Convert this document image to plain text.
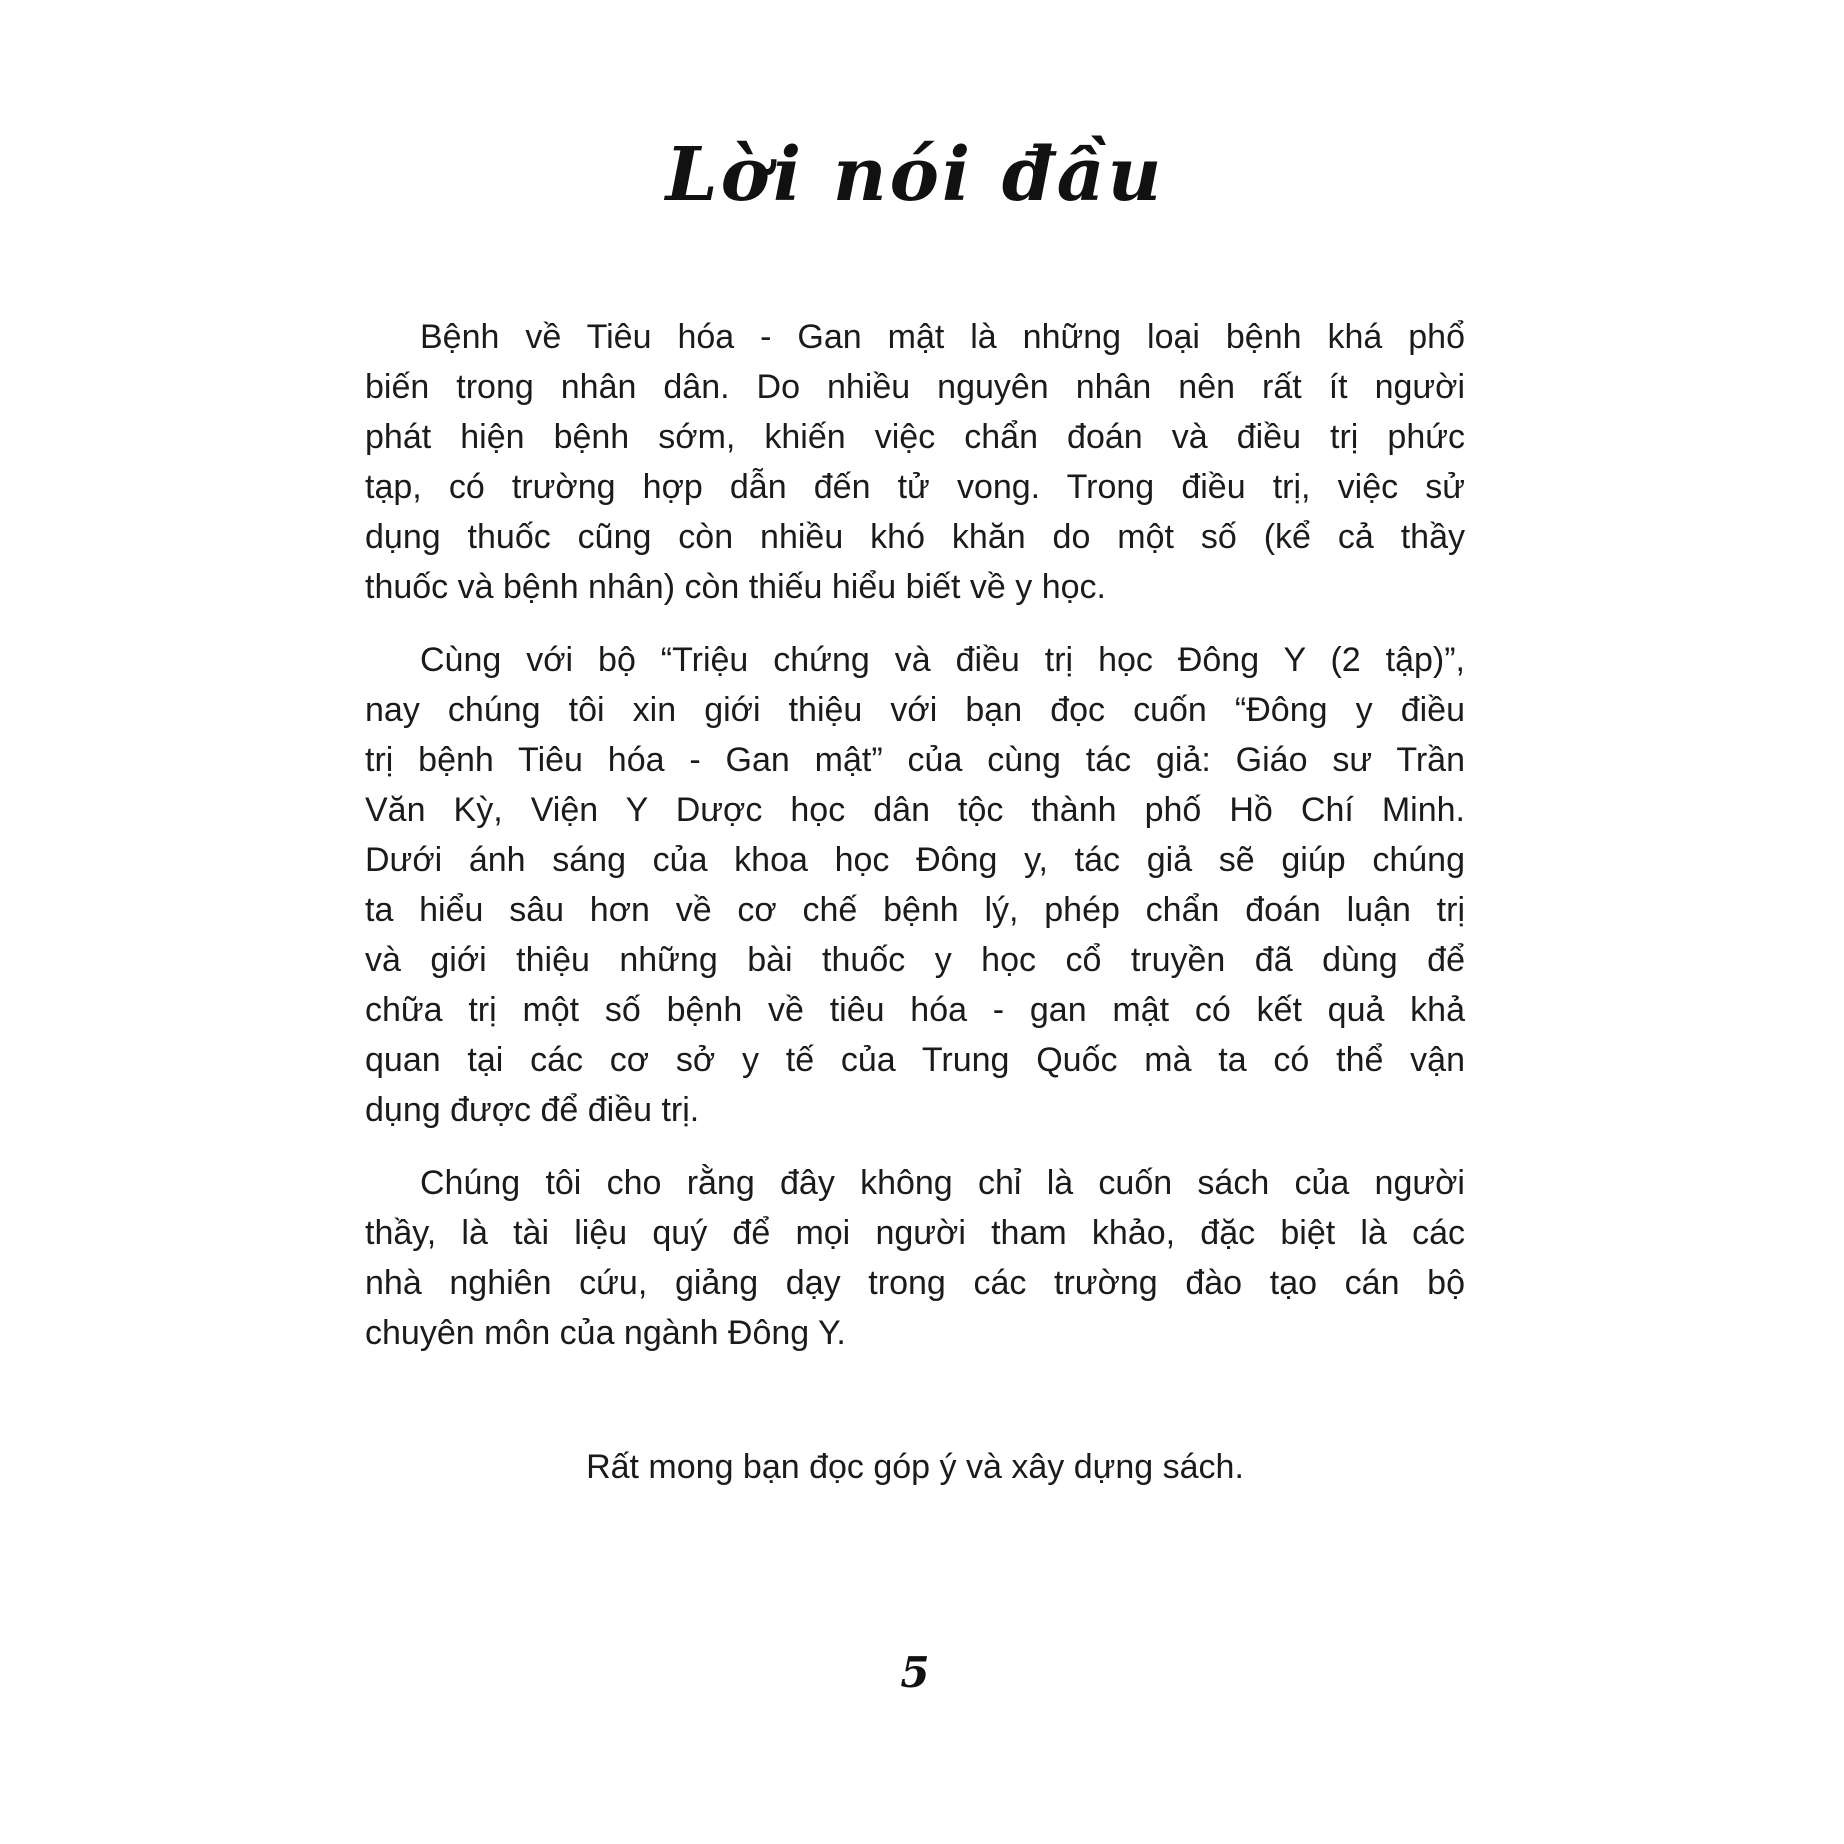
Lời nói đầu
Bệnh về Tiêu hóa - Gan mật là những loại bệnh khá phổ
biến trong nhân dân. Do nhiều nguyên nhân nên rất ít người
phát hiện bệnh sớm, khiến việc chẩn đoán và điều trị phức
tạp, có trường hợp dẫn đến tử vong. Trong điều trị, việc sử
dụng thuốc cũng còn nhiều khó khăn do một số (kể cả thầy
thuốc và bệnh nhân) còn thiếu hiểu biết về y học.
Cùng với bộ “Triệu chứng và điều trị học Đông Y (2 tập)”,
nay chúng tôi xin giới thiệu với bạn đọc cuốn “Đông y điều
trị bệnh Tiêu hóa - Gan mật” của cùng tác giả: Giáo sư Trần
Văn Kỳ, Viện Y Dược học dân tộc thành phố Hồ Chí Minh.
Dưới ánh sáng của khoa học Đông y, tác giả sẽ giúp chúng
ta hiểu sâu hơn về cơ chế bệnh lý, phép chẩn đoán luận trị
và giới thiệu những bài thuốc y học cổ truyền đã dùng để
chữa trị một số bệnh về tiêu hóa - gan mật có kết quả khả
quan tại các cơ sở y tế của Trung Quốc mà ta có thể vận
dụng được để điều trị.
Chúng tôi cho rằng đây không chỉ là cuốn sách của người
thầy, là tài liệu quý để mọi người tham khảo, đặc biệt là các
nhà nghiên cứu, giảng dạy trong các trường đào tạo cán bộ
chuyên môn của ngành Đông Y.
Rất mong bạn đọc góp ý và xây dựng sách.
5
